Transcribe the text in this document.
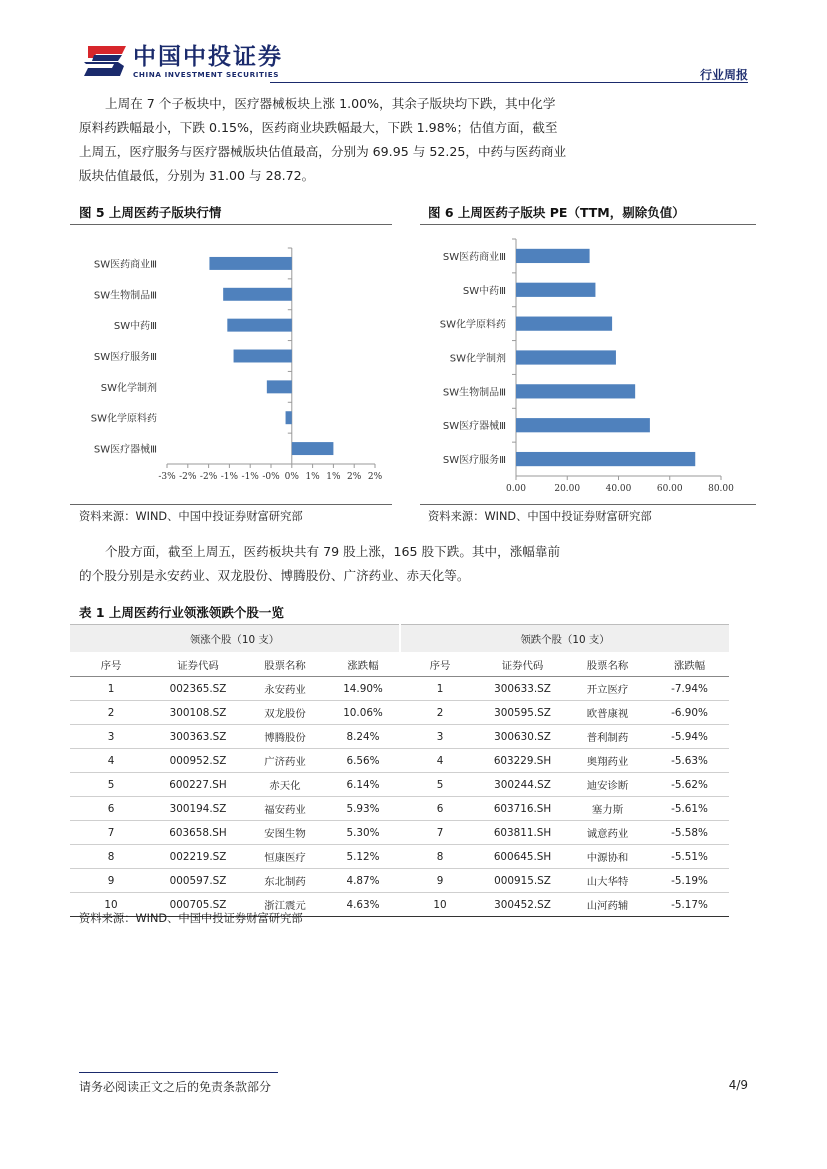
中国中投证券
CHINA INVESTMENT SECURITIES	行业周报
上周在 7 个子板块中，医疗器械板块上涨 1.00%，其余子版块均下跌，其中化学
原料药跌幅最小，下跌 0.15%，医药商业块跌幅最大，下跌 1.98%；估值方面，截至
上周五，医疗服务与医疗器械版块估值最高，分别为 69.95 与 52.25，中药与医药商业
版块估值最低，分别为 31.00 与 28.72。
图 5 上周医药子版块行情
-3% -2% -2% -1% -1% -0% 0% 1% 1% 2% 2%
SW医药商业Ⅲ
SW生物制品Ⅲ
SW中药Ⅲ
SW医疗服务Ⅲ
SW化学制剂
SW化学原料药
SW医疗器械Ⅲ
资料来源：WIND、中国中投证券财富研究部
图 6 上周医药子版块 PE（TTM，剔除负值）
0.00	20.00	40.00	60.00	80.00
SW医药商业Ⅲ
SW中药Ⅲ
SW化学原料药
SW化学制剂
SW生物制品Ⅲ
SW医疗器械Ⅲ
SW医疗服务Ⅲ
资料来源：WIND、中国中投证券财富研究部
个股方面，截至上周五，医药板块共有 79 股上涨，165 股下跌。其中，涨幅靠前
的个股分别是永安药业、双龙股份、博腾股份、广济药业、赤天化等。
表 1 上周医药行业领涨领跌个股一览
领涨个股（10 支）				领跌个股（10 支）			
序号	证券代码	股票名称	涨跌幅	序号	证券代码	股票名称	涨跌幅
1	002365.SZ	永安药业	14.90%	1	300633.SZ	开立医疗	-7.94%
2	300108.SZ	双龙股份	10.06%	2	300595.SZ	欧普康视	-6.90%
3	300363.SZ	博腾股份	8.24%	3	300630.SZ	普利制药	-5.94%
4	000952.SZ	广济药业	6.56%	4	603229.SH	奥翔药业	-5.63%
5	600227.SH	赤天化	6.14%	5	300244.SZ	迪安诊断	-5.62%
6	300194.SZ	福安药业	5.93%	6	603716.SH	塞力斯	-5.61%
7	603658.SH	安图生物	5.30%	7	603811.SH	诚意药业	-5.58%
8	002219.SZ	恒康医疗	5.12%	8	600645.SH	中源协和	-5.51%
9	000597.SZ	东北制药	4.87%	9	000915.SZ	山大华特	-5.19%
10	000705.SZ	浙江震元	4.63%	10	300452.SZ	山河药辅	-5.17%
资料来源：WIND、中国中投证券财富研究部
请务必阅读正文之后的免责条款部分	4/9
